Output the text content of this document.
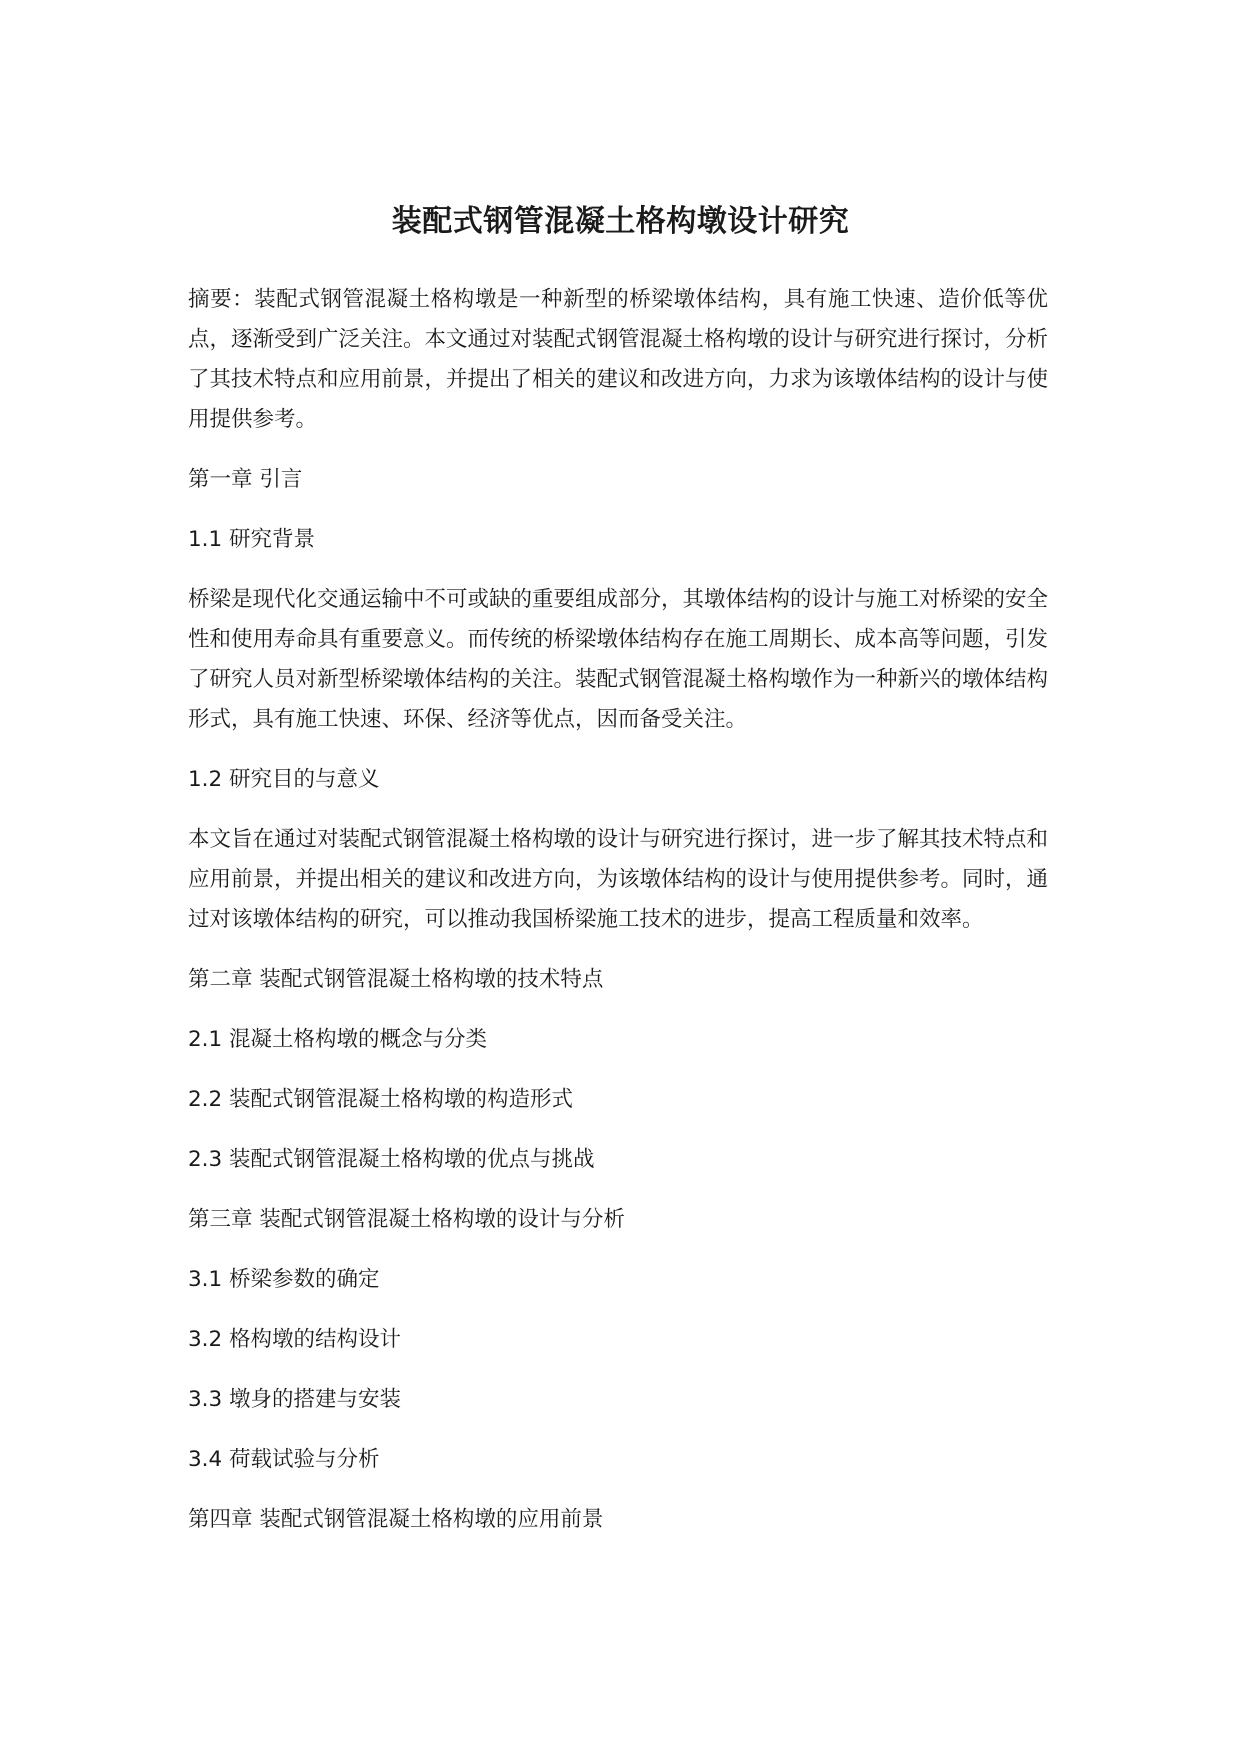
装配式钢管混凝土格构墩设计研究

摘要：装配式钢管混凝土格构墩是一种新型的桥梁墩体结构，具有施工快速、造价低等优点，逐渐受到广泛关注。本文通过对装配式钢管混凝土格构墩的设计与研究进行探讨，分析了其技术特点和应用前景，并提出了相关的建议和改进方向，力求为该墩体结构的设计与使用提供参考。

第一章 引言

1.1 研究背景

桥梁是现代化交通运输中不可或缺的重要组成部分，其墩体结构的设计与施工对桥梁的安全性和使用寿命具有重要意义。而传统的桥梁墩体结构存在施工周期长、成本高等问题，引发了研究人员对新型桥梁墩体结构的关注。装配式钢管混凝土格构墩作为一种新兴的墩体结构形式，具有施工快速、环保、经济等优点，因而备受关注。

1.2 研究目的与意义

本文旨在通过对装配式钢管混凝土格构墩的设计与研究进行探讨，进一步了解其技术特点和应用前景，并提出相关的建议和改进方向，为该墩体结构的设计与使用提供参考。同时，通过对该墩体结构的研究，可以推动我国桥梁施工技术的进步，提高工程质量和效率。

第二章 装配式钢管混凝土格构墩的技术特点

2.1 混凝土格构墩的概念与分类

2.2 装配式钢管混凝土格构墩的构造形式

2.3 装配式钢管混凝土格构墩的优点与挑战

第三章 装配式钢管混凝土格构墩的设计与分析

3.1 桥梁参数的确定

3.2 格构墩的结构设计

3.3 墩身的搭建与安装

3.4 荷载试验与分析

第四章 装配式钢管混凝土格构墩的应用前景
